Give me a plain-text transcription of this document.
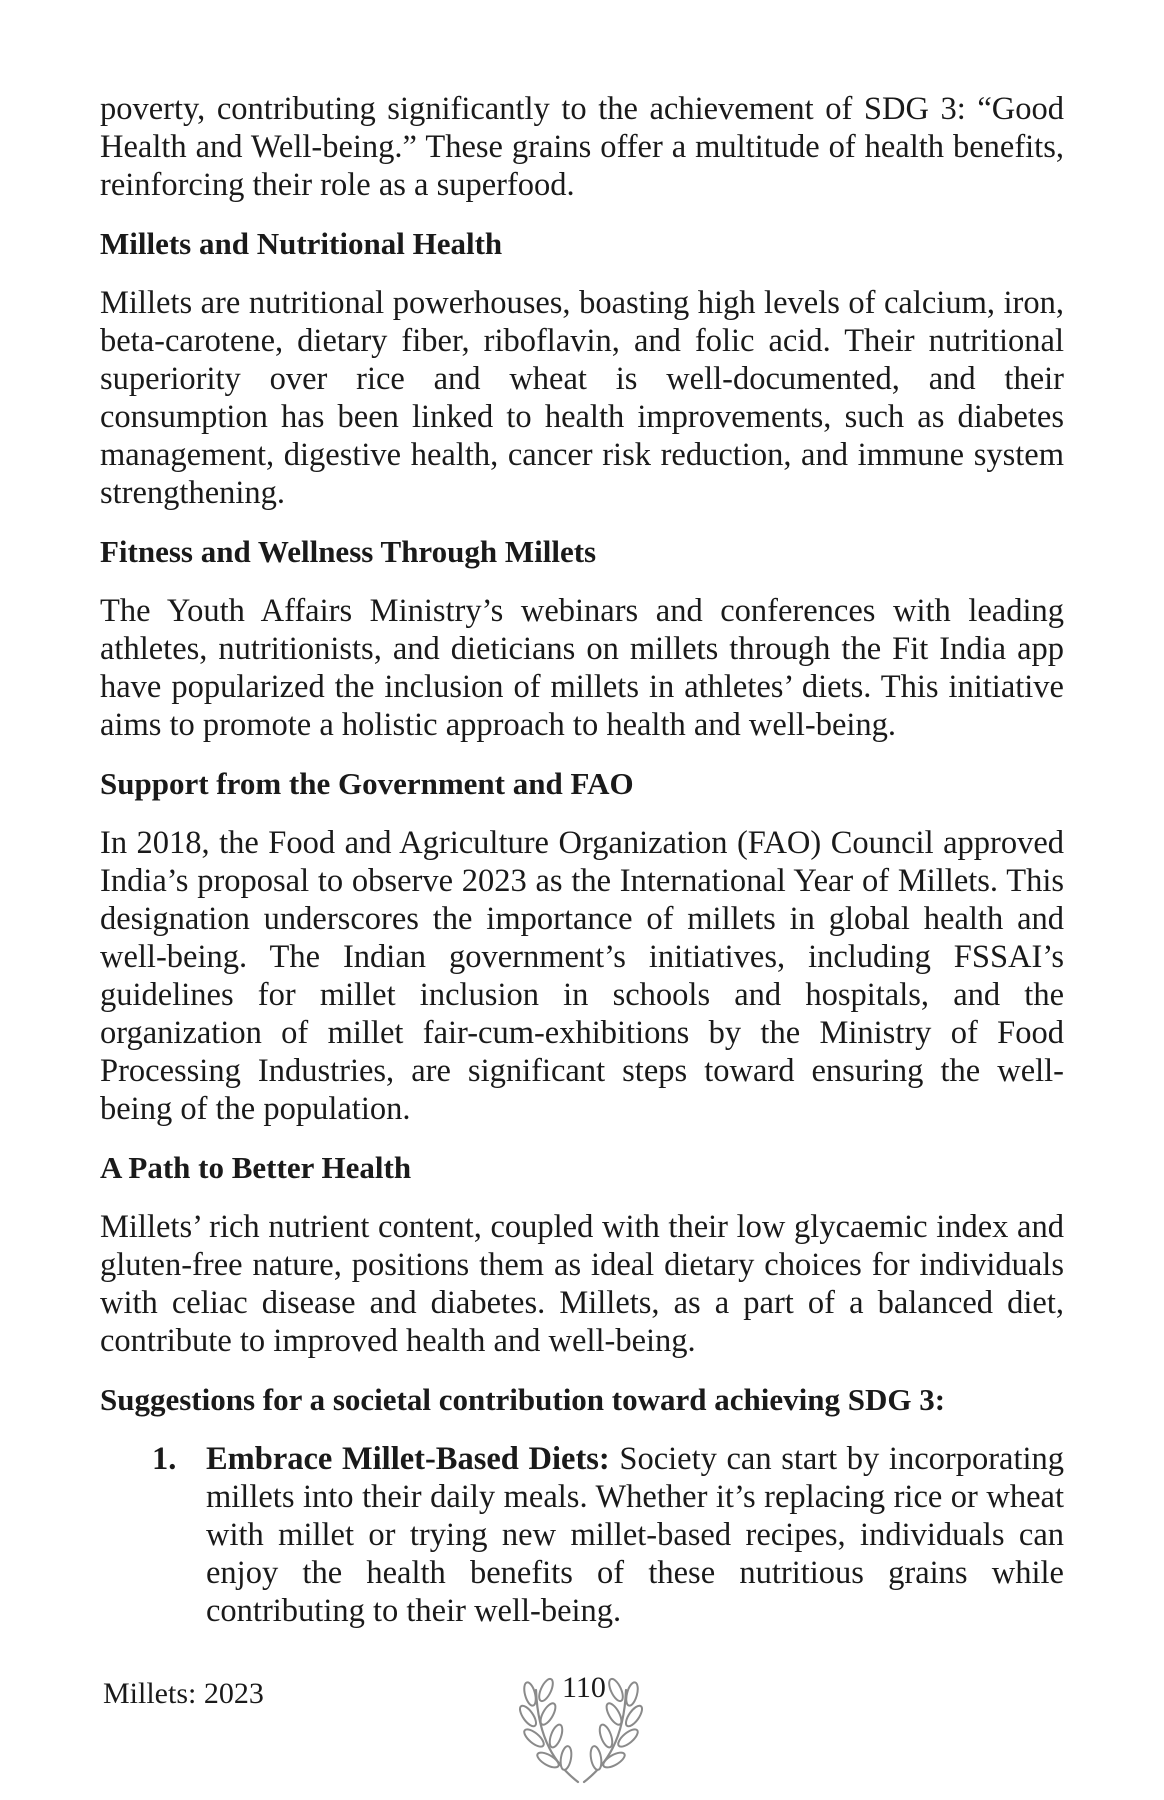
poverty, contributing significantly to the achievement of SDG 3: “Good Health and Well-being.” These grains offer a multitude of health benefits, reinforcing their role as a superfood.

Millets and Nutritional Health

Millets are nutritional powerhouses, boasting high levels of calcium, iron, beta-carotene, dietary fiber, riboflavin, and folic acid. Their nutritional superiority over rice and wheat is well-documented, and their consumption has been linked to health improvements, such as diabetes management, digestive health, cancer risk reduction, and immune system strengthening.

Fitness and Wellness Through Millets

The Youth Affairs Ministry’s webinars and conferences with leading athletes, nutritionists, and dieticians on millets through the Fit India app have popularized the inclusion of millets in athletes’ diets. This initiative aims to promote a holistic approach to health and well-being.

Support from the Government and FAO

In 2018, the Food and Agriculture Organization (FAO) Council approved India’s proposal to observe 2023 as the International Year of Millets. This designation underscores the importance of millets in global health and well-being. The Indian government’s initiatives, including FSSAI’s guidelines for millet inclusion in schools and hospitals, and the organization of millet fair-cum-exhibitions by the Ministry of Food Processing Industries, are significant steps toward ensuring the well-being of the population.

A Path to Better Health

Millets’ rich nutrient content, coupled with their low glycaemic index and gluten-free nature, positions them as ideal dietary choices for individuals with celiac disease and diabetes. Millets, as a part of a balanced diet, contribute to improved health and well-being.

Suggestions for a societal contribution toward achieving SDG 3:
1. Embrace Millet-Based Diets: Society can start by incorporating millets into their daily meals. Whether it’s replacing rice or wheat with millet or trying new millet-based recipes, individuals can enjoy the health benefits of these nutritious grains while contributing to their well-being.
Millets: 2023	110
